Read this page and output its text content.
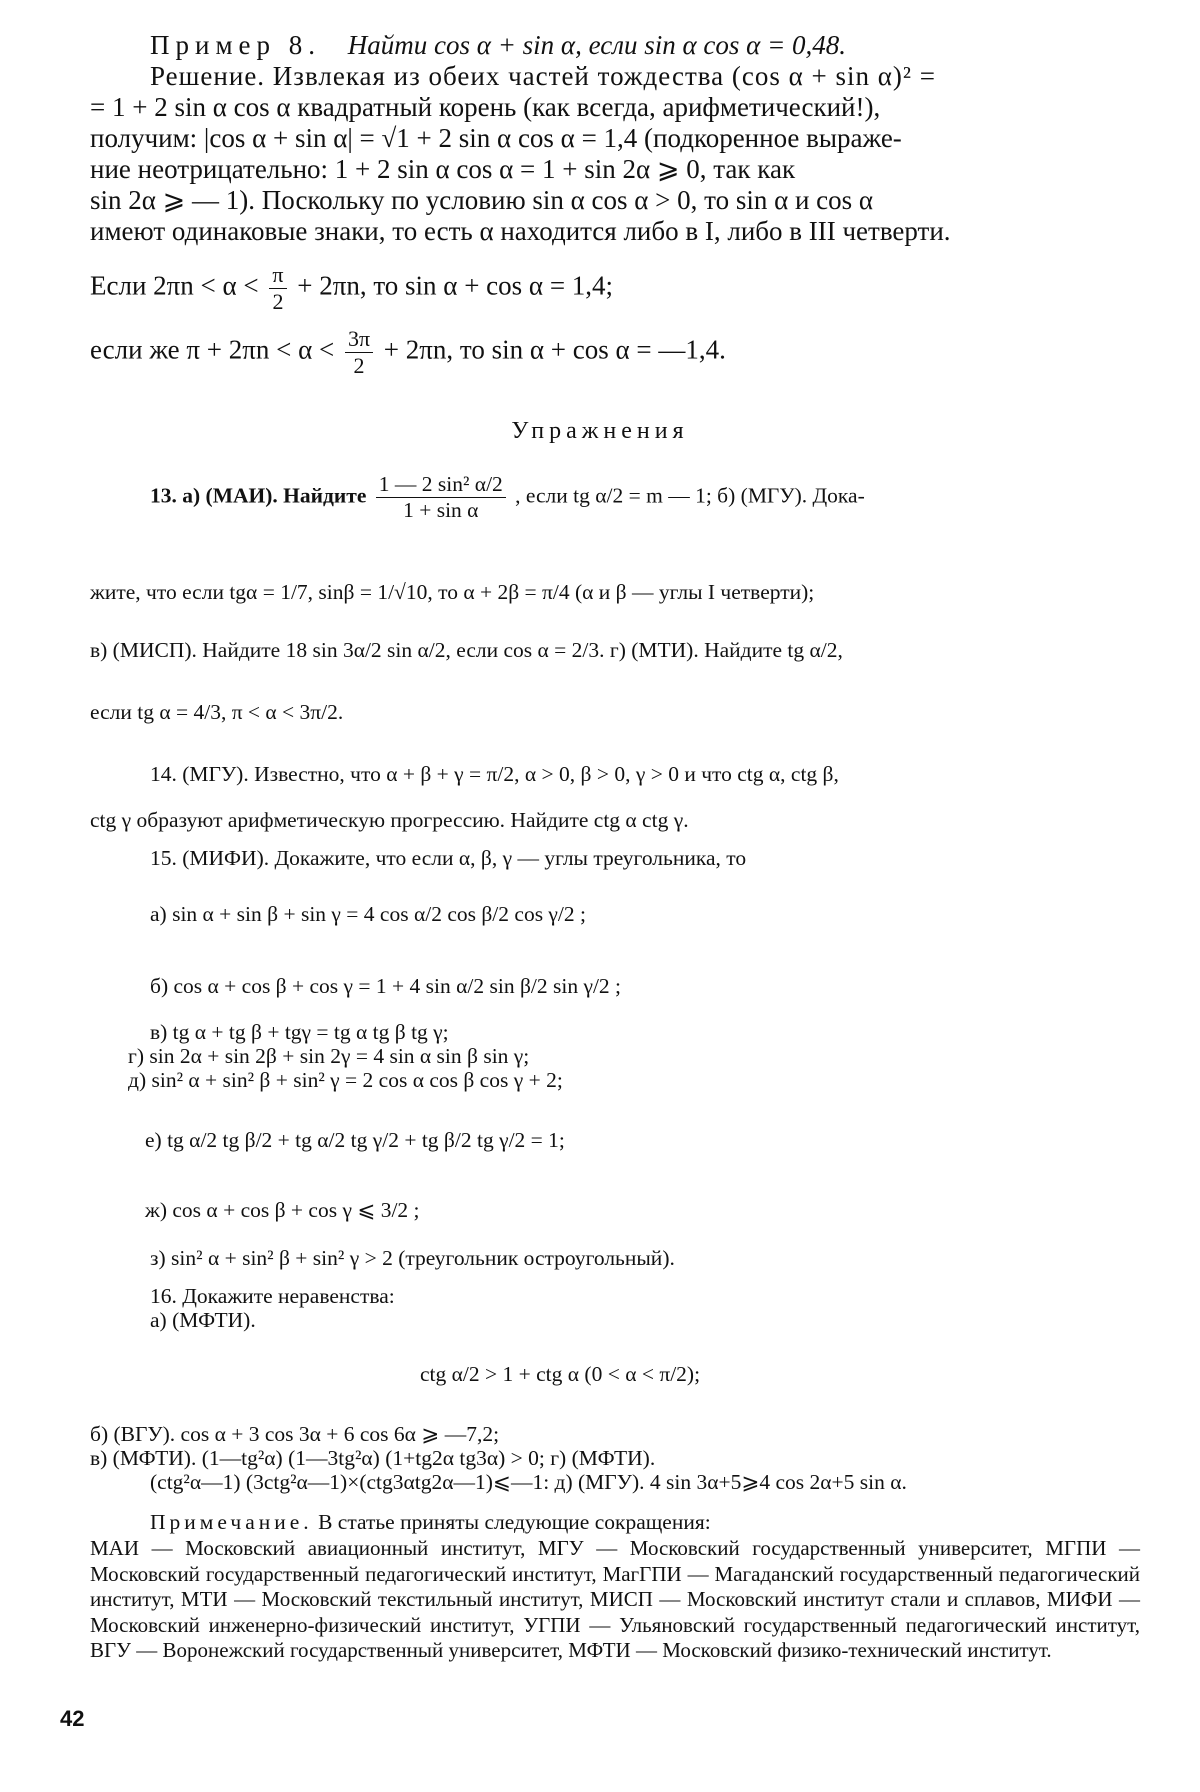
Пример 8. Найти cos α + sin α, если sin α cos α = 0,48.
Решение. Извлекая из обеих частей тождества (cos α + sin α)² =
= 1 + 2 sin α cos α квадратный корень (как всегда, арифметический!),
получим: |cos α + sin α| = √1 + 2 sin α cos α = 1,4 (подкоренное выраже-
ние неотрицательно: 1 + 2 sin α cos α = 1 + sin 2α ⩾ 0, так как
sin 2α ⩾ — 1). Поскольку по условию sin α cos α > 0, то sin α и cos α
имеют одинаковые знаки, то есть α находится либо в I, либо в III четверти.
Если $2\pi n < \alpha < \frac{\pi}{2} + 2\pi n$, то sin α + cos α = 1,4;
если же $\pi + 2\pi n < \alpha < \frac{3\pi}{2} + 2\pi n$, то sin α + cos α = —1,4.
Упражнения
13. а) (МАИ). Найдите $\frac{\text{1 — 2 sin² α/2}}{\text{1 + sin α}}$ , если tg α/2 = m — 1; б) (МГУ). Дока-
жите, что если tgα = 1/7, sinβ = 1/√10, то α + 2β = π/4 (α и β — углы I четверти);
в) (МИСП). Найдите 18 sin 3α/2 sin α/2, если cos α = 2/3. г) (МТИ). Найдите tg α/2,
если tg α = 4/3, π < α < 3π/2.
14. (МГУ). Известно, что α + β + γ = π/2, α > 0, β > 0, γ > 0 и что ctg α, ctg β,
ctg γ образуют арифметическую прогрессию. Найдите ctg α ctg γ.
15. (МИФИ). Докажите, что если α, β, γ — углы треугольника, то
а) sin α + sin β + sin γ = 4 cos α/2 cos β/2 cos γ/2 ;
б) cos α + cos β + cos γ = 1 + 4 sin α/2 sin β/2 sin γ/2 ;
в) tg α + tg β + tgγ = tg α tg β tg γ;
г) sin 2α + sin 2β + sin 2γ = 4 sin α sin β sin γ;
д) sin² α + sin² β + sin² γ = 2 cos α cos β cos γ + 2;
е) tg α/2 tg β/2 + tg α/2 tg γ/2 + tg β/2 tg γ/2 = 1;
ж) cos α + cos β + cos γ ⩽ 3/2 ;
з) sin² α + sin² β + sin² γ > 2 (треугольник остроугольный).
16. Докажите неравенства:
а) (МФТИ).
ctg α/2 > 1 + ctg α (0 < α < π/2);
б) (ВГУ). cos α + 3 cos 3α + 6 cos 6α ⩾ —7,2;
в) (МФТИ). (1—tg²α) (1—3tg²α) (1+tg2α tg3α) > 0; г) (МФТИ).
(ctg²α—1) (3ctg²α—1)×(ctg3αtg2α—1)⩽—1: д) (МГУ). 4 sin 3α+5⩾4 cos 2α+5 sin α.
Примечание. В статье приняты следующие сокращения:
МАИ — Московский авиационный институт, МГУ — Московский государственный университет, МГПИ — Московский государственный педагогический институт, МагГПИ — Магаданский государственный педагогический институт, МТИ — Московский текстильный институт, МИСП — Московский институт стали и сплавов, МИФИ — Московский инженерно-физический институт, УГПИ — Ульяновский государственный педагогический институт, ВГУ — Воронежский государственный университет, МФТИ — Московский физико-технический институт.
42
